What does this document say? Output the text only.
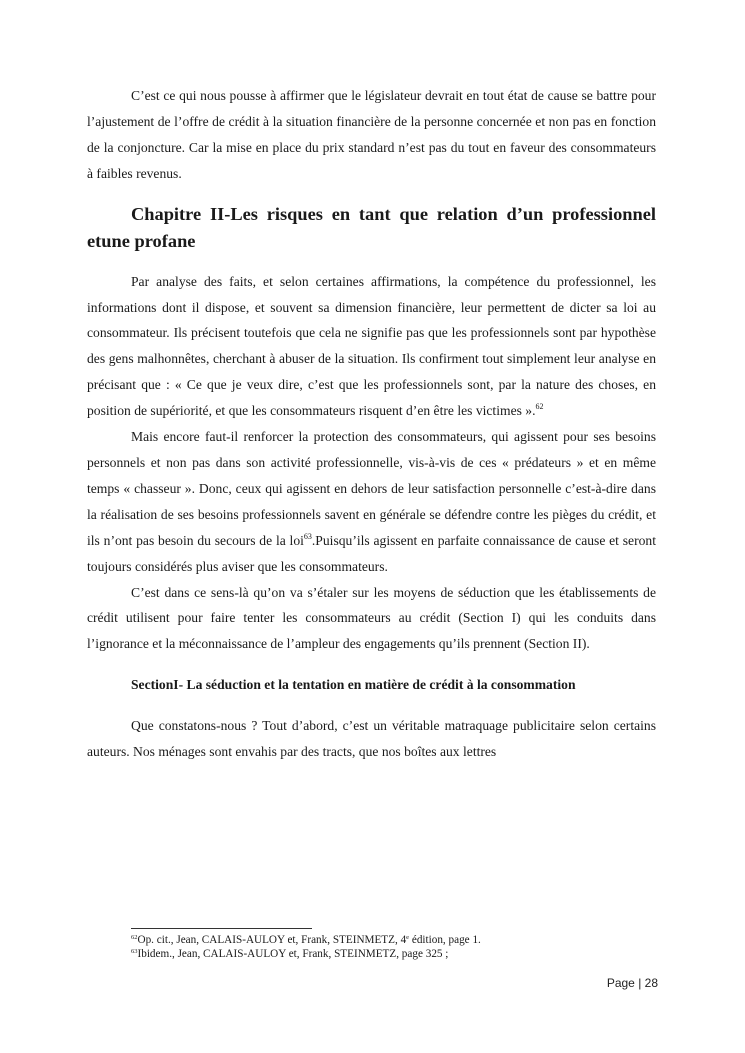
C’est ce qui nous pousse à affirmer que le législateur devrait en tout état de cause se battre pour l’ajustement de l’offre de crédit à la situation financière de la personne concernée et non pas en fonction de la conjoncture. Car la mise en place du prix standard n’est pas du tout en faveur des consommateurs à faibles revenus.

Chapitre II-Les risques en tant que relation d’un professionnel etune profane

Par analyse des faits, et selon certaines affirmations, la compétence du professionnel, les informations dont il dispose, et souvent sa dimension financière, leur permettent de dicter sa loi au consommateur. Ils précisent toutefois que cela ne signifie pas que les professionnels sont par hypothèse des gens malhonnêtes, cherchant à abuser de la situation. Ils confirment tout simplement leur analyse en précisant que : « Ce que je veux dire, c’est que les professionnels sont, par la nature des choses, en position de supériorité, et que les consommateurs risquent d’en être les victimes ».$^{62}$

Mais encore faut-il renforcer la protection des consommateurs, qui agissent pour ses besoins personnels et non pas dans son activité professionnelle, vis-à-vis de ces « prédateurs » et en même temps « chasseur ». Donc, ceux qui agissent en dehors de leur satisfaction personnelle c’est-à-dire dans la réalisation de ses besoins professionnels savent en générale se défendre contre les pièges du crédit, et ils n’ont pas besoin du secours de la loi$^{63}$.Puisqu’ils agissent en parfaite connaissance de cause et seront toujours considérés plus aviser que les consommateurs.

C’est dans ce sens-là qu’on va s’étaler sur les moyens de séduction que les établissements de crédit utilisent pour faire tenter les consommateurs au crédit (Section I) qui les conduits dans l’ignorance et la méconnaissance de l’ampleur des engagements qu’ils prennent (Section II).

SectionI- La séduction et la tentation en matière de crédit à la consommation

Que constatons-nous ? Tout d’abord, c’est un véritable matraquage publicitaire selon certains auteurs. Nos ménages sont envahis par des tracts, que nos boîtes aux lettres

$^{62}$Op. cit., Jean, CALAIS-AULOY et, Frank, STEINMETZ, 4e édition, page 1.
$^{63}$Ibidem., Jean, CALAIS-AULOY et, Frank, STEINMETZ, page 325 ;
Page | 28
